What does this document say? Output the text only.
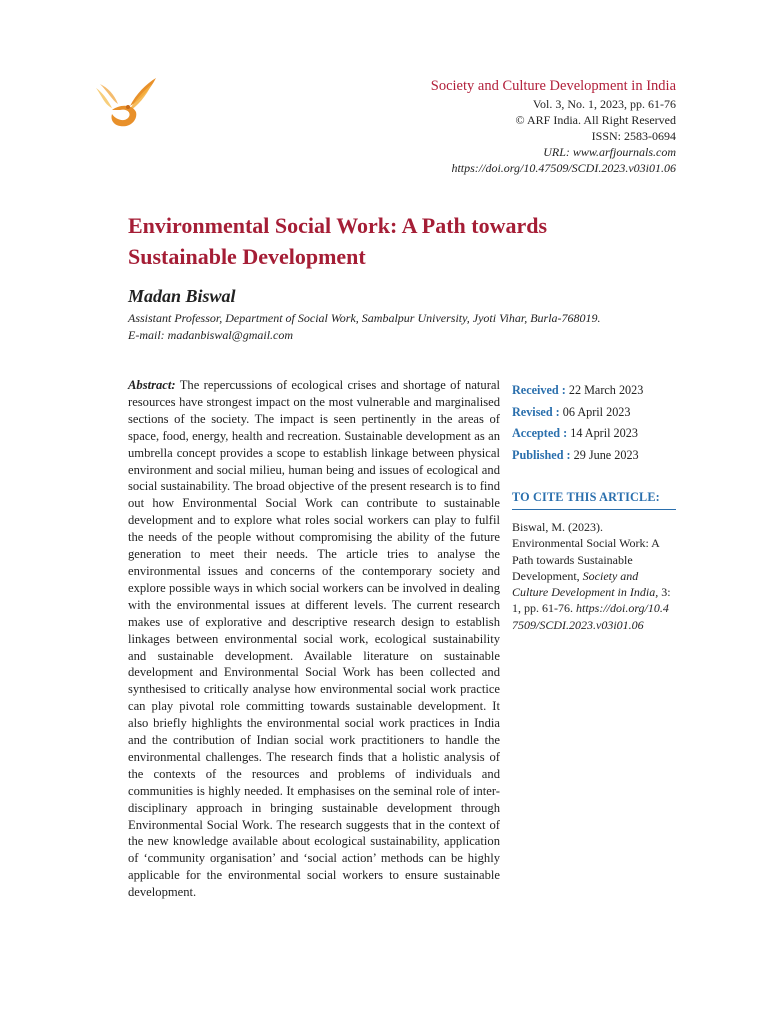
Society and Culture Development in India
Vol. 3, No. 1, 2023, pp. 61-76
© ARF India. All Right Reserved
ISSN: 2583-0694
URL: www.arfjournals.com
https://doi.org/10.47509/SCDI.2023.v03i01.06
Environmental Social Work: A Path towards Sustainable Development
Madan Biswal
Assistant Professor, Department of Social Work, Sambalpur University, Jyoti Vihar, Burla-768019.
E-mail: madanbiswal@gmail.com
Abstract: The repercussions of ecological crises and shortage of natural resources have strongest impact on the most vulnerable and marginalised sections of the society. The impact is seen pertinently in the areas of space, food, energy, health and recreation. Sustainable development as an umbrella concept provides a scope to establish linkage between physical environment and social milieu, human being and issues of ecological and social sustainability. The broad objective of the present research is to find out how Environmental Social Work can contribute to sustainable development and to explore what roles social workers can play to fulfil the needs of the people without compromising the ability of the future generation to meet their needs. The article tries to analyse the environmental issues and concerns of the contemporary society and explore possible ways in which social workers can be involved in dealing with the environmental issues at different levels. The current research makes use of explorative and descriptive research design to establish linkages between environmental social work, ecological sustainability and sustainable development. Available literature on sustainable development and Environmental Social Work has been collected and synthesised to critically analyse how environmental social work practice can play pivotal role committing towards sustainable development. It also briefly highlights the environmental social work practices in India and the contribution of Indian social work practitioners to handle the environmental challenges. The research finds that a holistic analysis of the contexts of the resources and problems of individuals and communities is highly needed. It emphasises on the seminal role of inter-disciplinary approach in bringing sustainable development through Environmental Social Work. The research suggests that in the context of the new knowledge available about ecological sustainability, application of ‘community organisation’ and ‘social action’ methods can be highly applicable for the environmental social workers to ensure sustainable development.
Received : 22 March 2023
Revised : 06 April 2023
Accepted : 14 April 2023
Published : 29 June 2023
TO CITE THIS ARTICLE:
Biswal, M. (2023). Environmental Social Work: A Path towards Sustainable Development, Society and Culture Development in India, 3: 1, pp. 61-76. https://doi.org/10.47509/SCDI.2023.v03i01.06
